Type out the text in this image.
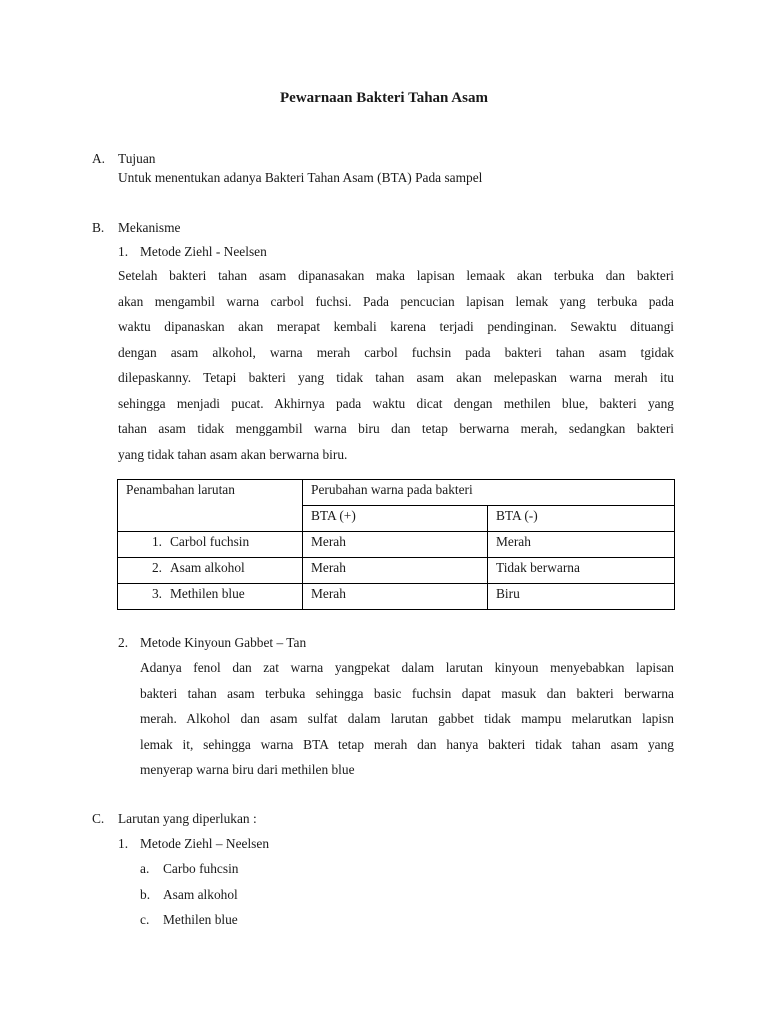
Pewarnaan Bakteri Tahan Asam
A. Tujuan
Untuk menentukan adanya Bakteri Tahan Asam (BTA) Pada sampel
B. Mekanisme
1. Metode Ziehl - Neelsen
Setelah bakteri tahan asam dipanasakan maka lapisan lemaak akan terbuka dan bakteri
akan mengambil warna carbol fuchsi. Pada pencucian lapisan lemak yang terbuka pada
waktu dipanaskan akan merapat kembali karena terjadi pendinginan. Sewaktu dituangi
dengan asam alkohol, warna merah carbol fuchsin pada bakteri tahan asam tgidak
dilepaskanny. Tetapi bakteri yang tidak tahan asam akan melepaskan warna merah itu
sehingga menjadi pucat. Akhirnya pada waktu dicat dengan methilen blue, bakteri yang
tahan asam tidak menggambil warna biru dan tetap berwarna merah, sedangkan bakteri
yang tidak tahan asam akan berwarna biru.
Penambahan larutan	Perubahan warna pada bakteri	
	BTA (+)	BTA (-)
1. Carbol fuchsin	Merah	Merah
2. Asam alkohol	Merah	Tidak berwarna
3. Methilen blue	Merah	Biru
2. Metode Kinyoun Gabbet – Tan
Adanya fenol dan zat warna yangpekat dalam larutan kinyoun menyebabkan lapisan
bakteri tahan asam terbuka sehingga basic fuchsin dapat masuk dan bakteri berwarna
merah. Alkohol dan asam sulfat dalam larutan gabbet tidak mampu melarutkan lapisn
lemak it, sehingga warna BTA tetap merah dan hanya bakteri tidak tahan asam yang
menyerap warna biru dari methilen blue
C. Larutan yang diperlukan :
1. Metode Ziehl – Neelsen
a. Carbo fuhcsin
b. Asam alkohol
c. Methilen blue
